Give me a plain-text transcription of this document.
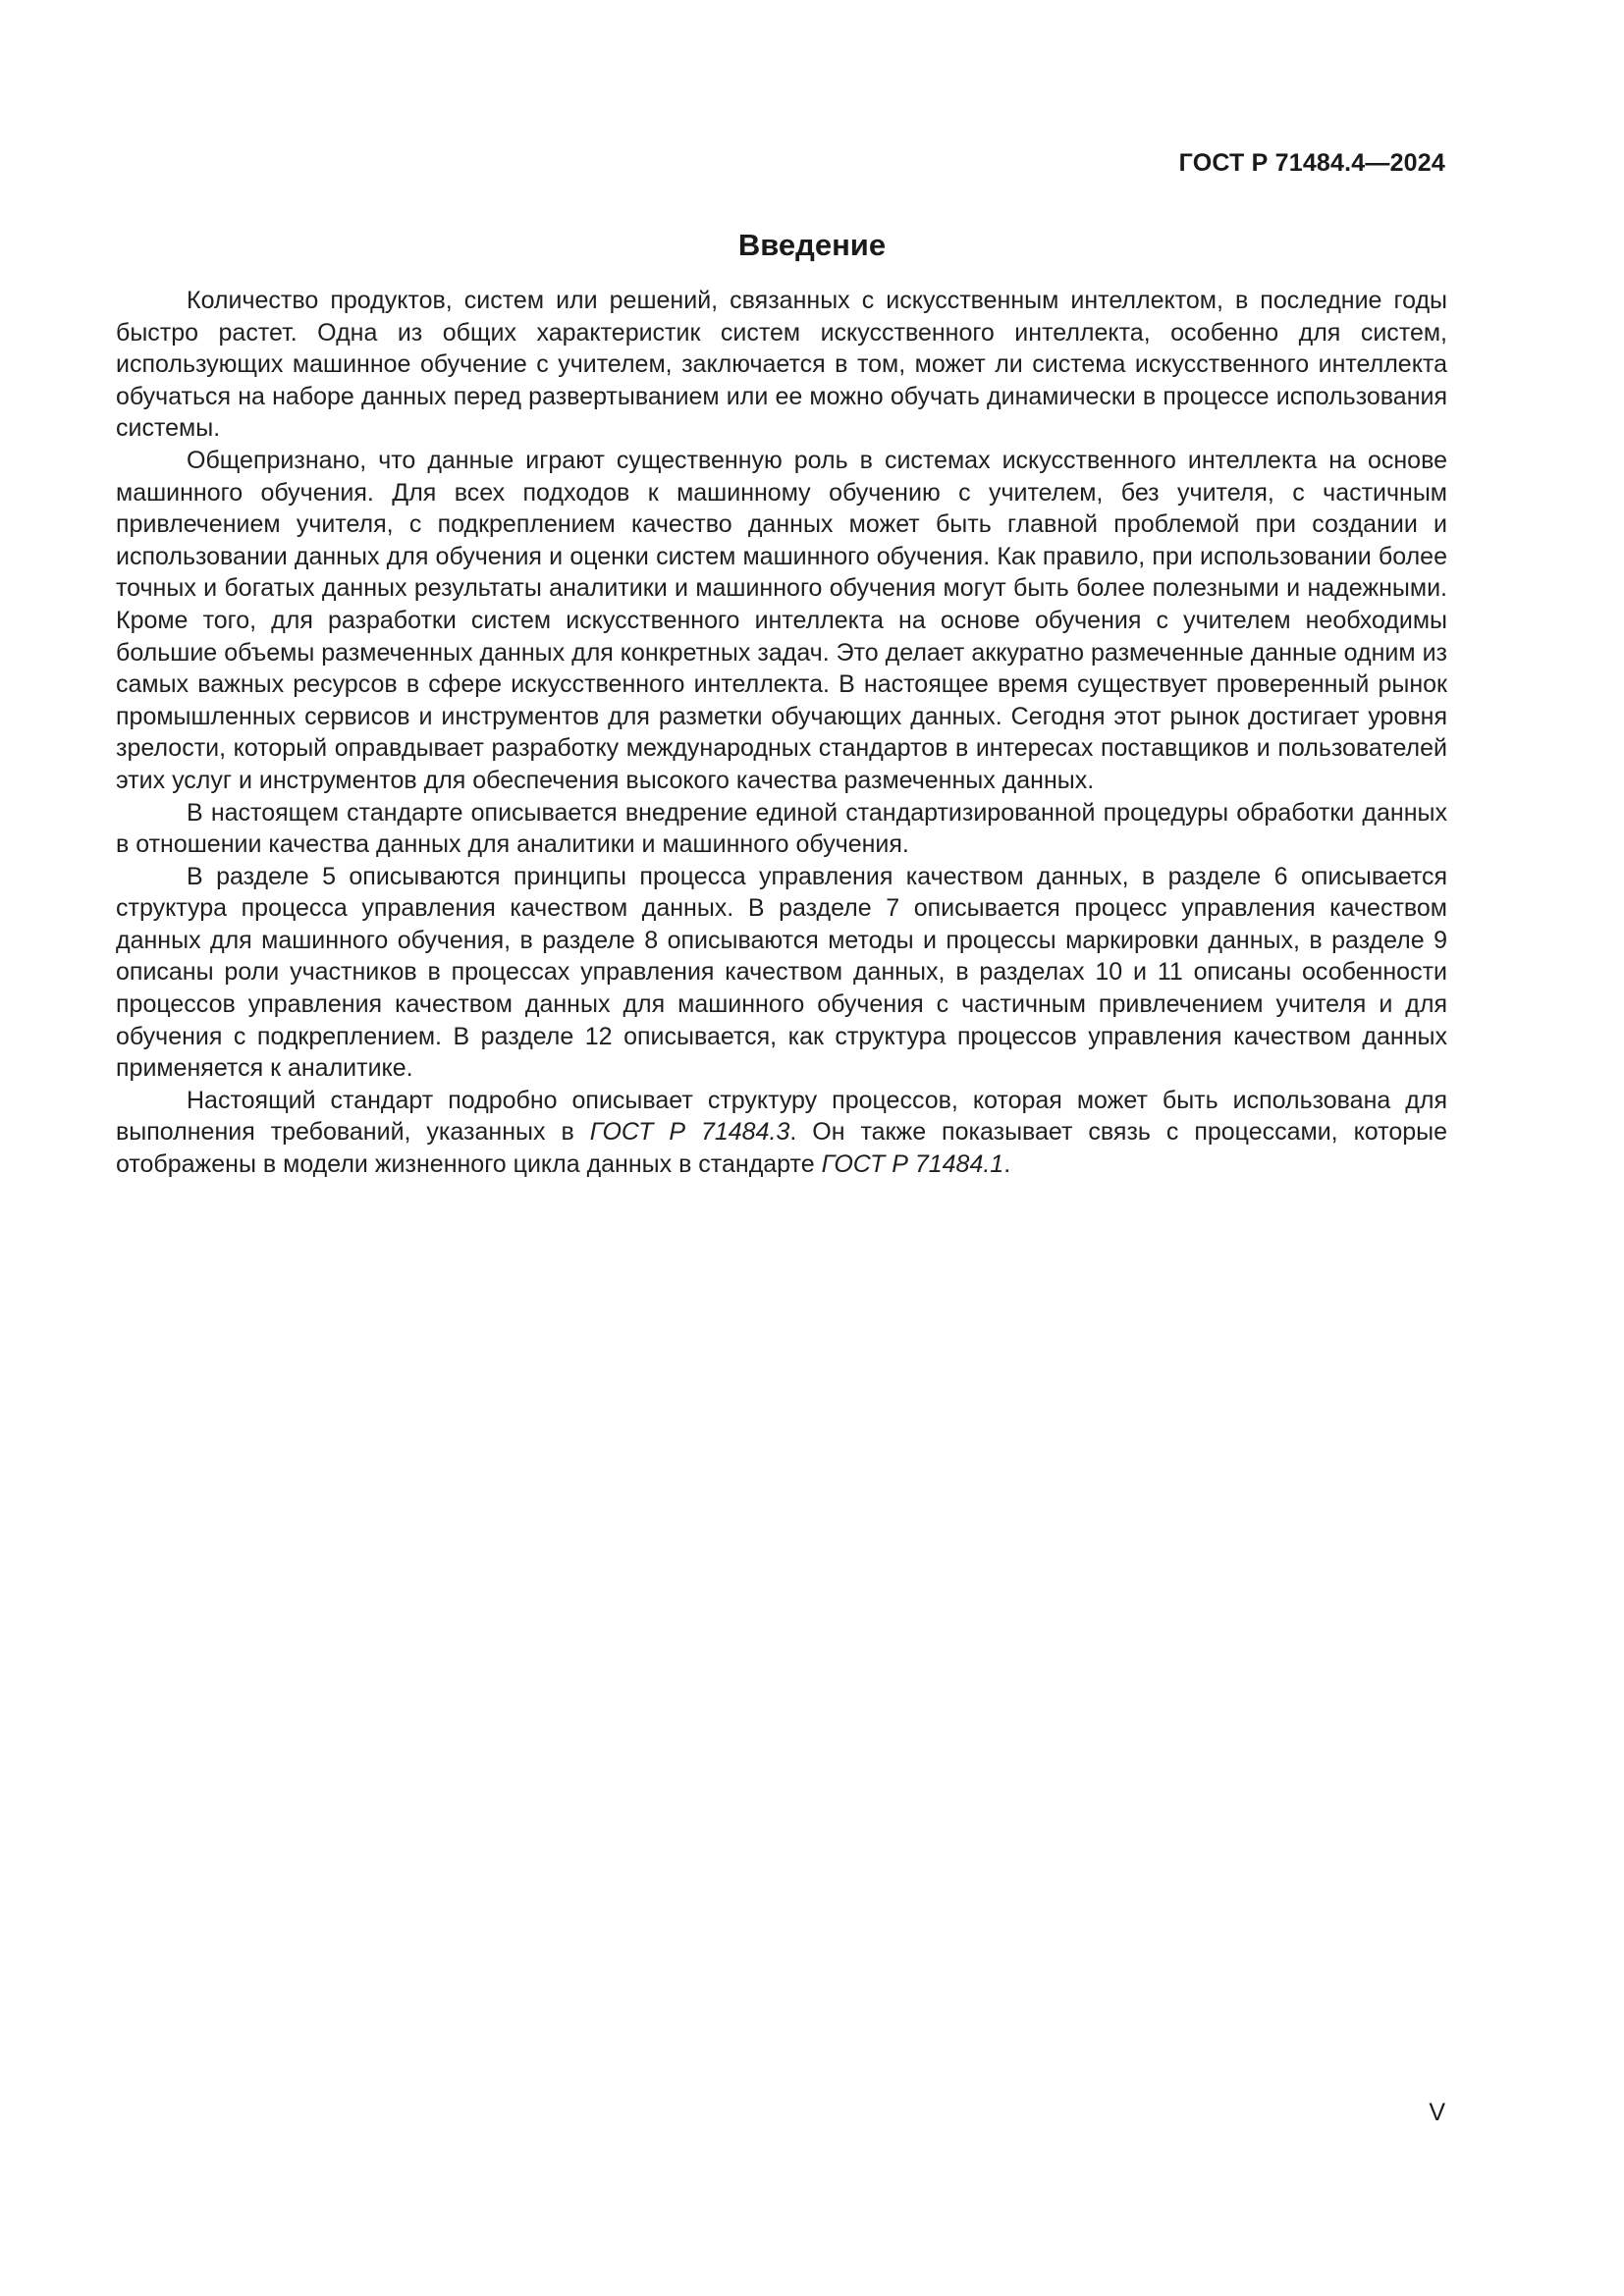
ГОСТ Р 71484.4—2024
Введение

Количество продуктов, систем или решений, связанных с искусственным интеллектом, в последние годы быстро растет. Одна из общих характеристик систем искусственного интеллекта, особенно для систем, использующих машинное обучение с учителем, заключается в том, может ли система искусственного интеллекта обучаться на наборе данных перед развертыванием или ее можно обучать динамически в процессе использования системы.

Общепризнано, что данные играют существенную роль в системах искусственного интеллекта на основе машинного обучения. Для всех подходов к машинному обучению с учителем, без учителя, с частичным привлечением учителя, с подкреплением качество данных может быть главной проблемой при создании и использовании данных для обучения и оценки систем машинного обучения. Как правило, при использовании более точных и богатых данных результаты аналитики и машинного обучения могут быть более полезными и надежными. Кроме того, для разработки систем искусственного интеллекта на основе обучения с учителем необходимы большие объемы размеченных данных для конкретных задач. Это делает аккуратно размеченные данные одним из самых важных ресурсов в сфере искусственного интеллекта. В настоящее время существует проверенный рынок промышленных сервисов и инструментов для разметки обучающих данных. Сегодня этот рынок достигает уровня зрелости, который оправдывает разработку международных стандартов в интересах поставщиков и пользователей этих услуг и инструментов для обеспечения высокого качества размеченных данных.

В настоящем стандарте описывается внедрение единой стандартизированной процедуры обработки данных в отношении качества данных для аналитики и машинного обучения.

В разделе 5 описываются принципы процесса управления качеством данных, в разделе 6 описывается структура процесса управления качеством данных. В разделе 7 описывается процесс управления качеством данных для машинного обучения, в разделе 8 описываются методы и процессы маркировки данных, в разделе 9 описаны роли участников в процессах управления качеством данных, в разделах 10 и 11 описаны особенности процессов управления качеством данных для машинного обучения с частичным привлечением учителя и для обучения с подкреплением. В разделе 12 описывается, как структура процессов управления качеством данных применяется к аналитике.

Настоящий стандарт подробно описывает структуру процессов, которая может быть использована для выполнения требований, указанных в ГОСТ Р 71484.3. Он также показывает связь с процессами, которые отображены в модели жизненного цикла данных в стандарте ГОСТ Р 71484.1.

V
